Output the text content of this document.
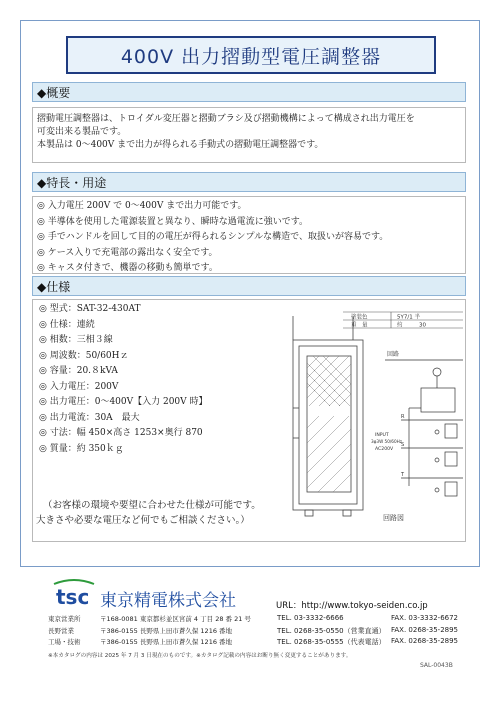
400V 出力摺動型電圧調整器
◆概要

摺動電圧調整器は、トロイダル変圧器と摺動ブラシ及び摺動機構によって構成され出力電圧を

可変出来る製品です。

本製品は 0～400V まで出力が得られる手動式の摺動電圧調整器です。

◆特長・用途

◎ 入力電圧 200V で 0～400V まで出力可能です。

◎ 半導体を使用した電源装置と異なり、瞬時な過電流に強いです。

◎ 手でハンドルを回して目的の電圧が得られるシンプルな構造で、取扱いが容易です。

◎ ケース入りで充電部の露出なく安全です。

◎ キャスタ付きで、機器の移動も簡単です。

◆仕様
◎ 型式：SAT-32-430AT
◎ 仕様：連続
◎ 相数：三相３線
◎ 周波数：50/60Hｚ
◎ 容量：20.８kVA
◎ 入力電圧：200V
◎ 出力電圧：0～400V【入力 200V 時】
◎ 出力電流：30A　最大
◎ 寸法：幅 450×高さ 1253×奥行 870
◎ 質量：約 350ｋｇ
（お客様の環境や要望に合わせた仕様が可能です。
大きさや必要な電圧など何でもご相談ください。）
塗装色	5Y7/1 半
重　量	約　　　30
回路
R
S
T
INPUT
3φ3W 50/60Hz
AC200V
回路図
tsc 東京精電株式会社	URL：http://www.tokyo-seiden.co.jp
東京営業所	〒168-0081 東京都杉並区宮前 4 丁目 28 番 21 号	TEL. 03-3332-6666	FAX. 03-3332-6672
長野営業	〒386-0155 長野県上田市蒼久保 1216 番地	TEL. 0268-35-0550（営業直通） FAX. 0268-35-2895
工場・技術	〒386-0155 長野県上田市蒼久保 1216 番地	TEL. 0268-35-0555（代表電話） FAX. 0268-35-2895
※本カタログの内容は 2025 年 7 月 3 日現在のものです。※カタログ記載の内容はお断り無く変更することがあります。
SAL-0043B
